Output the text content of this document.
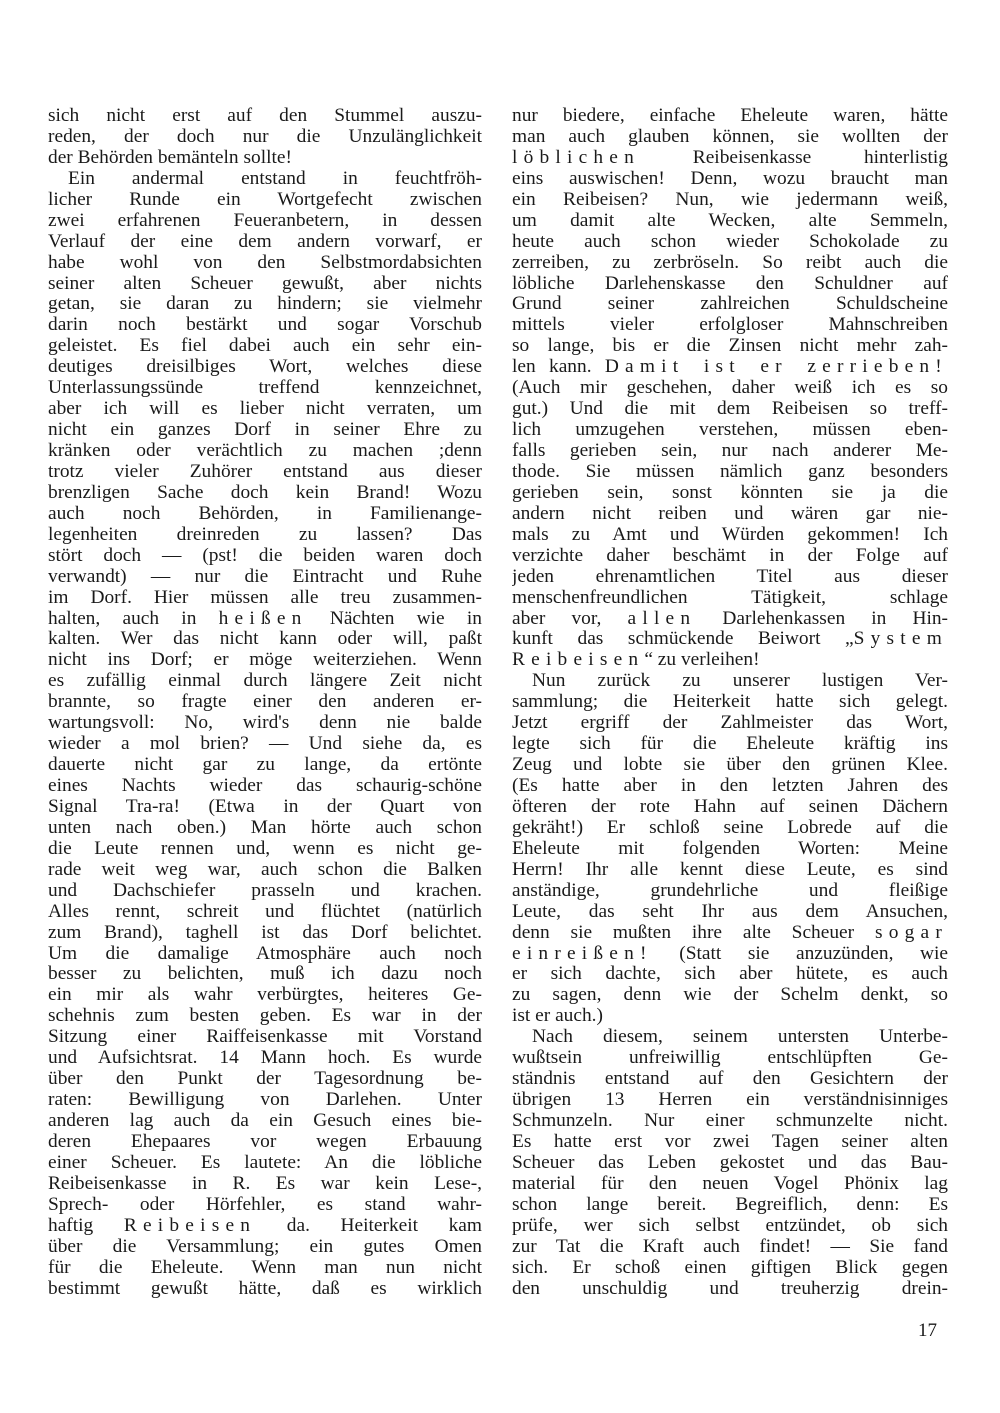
sich nicht erst auf den Stummel auszu-
reden, der doch nur die Unzulänglichkeit
der Behörden bemänteln sollte!
Ein andermal entstand in feuchtfröh-
licher Runde ein Wortgefecht zwischen
zwei erfahrenen Feueranbetern, in dessen
Verlauf der eine dem andern vorwarf, er
habe wohl von den Selbstmordabsichten
seiner alten Scheuer gewußt, aber nichts
getan, sie daran zu hindern; sie vielmehr
darin noch bestärkt und sogar Vorschub
geleistet. Es fiel dabei auch ein sehr ein-
deutiges dreisilbiges Wort, welches diese
Unterlassungssünde treffend kennzeichnet,
aber ich will es lieber nicht verraten, um
nicht ein ganzes Dorf in seiner Ehre zu
kränken oder verächtlich zu machen ;denn
trotz vieler Zuhörer entstand aus dieser
brenzligen Sache doch kein Brand! Wozu
auch noch Behörden, in Familienange-
legenheiten dreinreden zu lassen? Das
stört doch — (pst! die beiden waren doch
verwandt) — nur die Eintracht und Ruhe
im Dorf. Hier müssen alle treu zusammen-
halten, auch in heißen Nächten wie in
kalten. Wer das nicht kann oder will, paßt
nicht ins Dorf; er möge weiterziehen. Wenn
es zufällig einmal durch längere Zeit nicht
brannte, so fragte einer den anderen er-
wartungsvoll: No, wird's denn nie balde
wieder a mol brien? — Und siehe da, es
dauerte nicht gar zu lange, da ertönte
eines Nachts wieder das schaurig-schöne
Signal Tra-ra! (Etwa in der Quart von
unten nach oben.) Man hörte auch schon
die Leute rennen und, wenn es nicht ge-
rade weit weg war, auch schon die Balken
und Dachschiefer prasseln und krachen.
Alles rennt, schreit und flüchtet (natürlich
zum Brand), taghell ist das Dorf belichtet.
Um die damalige Atmosphäre auch noch
besser zu belichten, muß ich dazu noch
ein mir als wahr verbürgtes, heiteres Ge-
schehnis zum besten geben. Es war in der
Sitzung einer Raiffeisenkasse mit Vorstand
und Aufsichtsrat. 14 Mann hoch. Es wurde
über den Punkt der Tagesordnung be-
raten: Bewilligung von Darlehen. Unter
anderen lag auch da ein Gesuch eines bie-
deren Ehepaares vor wegen Erbauung
einer Scheuer. Es lautete: An die löbliche
Reibeisenkasse in R. Es war kein Lese-,
Sprech- oder Hörfehler, es stand wahr-
haftig Reibeisen da. Heiterkeit kam
über die Versammlung; ein gutes Omen
für die Eheleute. Wenn man nun nicht
bestimmt gewußt hätte, daß es wirklich
nur biedere, einfache Eheleute waren, hätte
man auch glauben können, sie wollten der
löblichen Reibeisenkasse hinterlistig
eins auswischen! Denn, wozu braucht man
ein Reibeisen? Nun, wie jedermann weiß,
um damit alte Wecken, alte Semmeln,
heute auch schon wieder Schokolade zu
zerreiben, zu zerbröseln. So reibt auch die
löbliche Darlehenskasse den Schuldner auf
Grund seiner zahlreichen Schuldscheine
mittels vieler erfolgloser Mahnschreiben
so lange, bis er die Zinsen nicht mehr zah-
len kann. Damit ist er zerrieben!
(Auch mir geschehen, daher weiß ich es so
gut.) Und die mit dem Reibeisen so treff-
lich umzugehen verstehen, müssen eben-
falls gerieben sein, nur nach anderer Me-
thode. Sie müssen nämlich ganz besonders
gerieben sein, sonst könnten sie ja die
andern nicht reiben und wären gar nie-
mals zu Amt und Würden gekommen! Ich
verzichte daher beschämt in der Folge auf
jeden ehrenamtlichen Titel aus dieser
menschenfreundlichen Tätigkeit, schlage
aber vor, allen Darlehenkassen in Hin-
kunft das schmückende Beiwort „System
Reibeisen“ zu verleihen!
Nun zurück zu unserer lustigen Ver-
sammlung; die Heiterkeit hatte sich gelegt.
Jetzt ergriff der Zahlmeister das Wort,
legte sich für die Eheleute kräftig ins
Zeug und lobte sie über den grünen Klee.
(Es hatte aber in den letzten Jahren des
öfteren der rote Hahn auf seinen Dächern
gekräht!) Er schloß seine Lobrede auf die
Eheleute mit folgenden Worten: Meine
Herrn! Ihr alle kennt diese Leute, es sind
anständige, grundehrliche und fleißige
Leute, das seht Ihr aus dem Ansuchen,
denn sie mußten ihre alte Scheuer sogar
einreißen! (Statt sie anzuzünden, wie
er sich dachte, sich aber hütete, es auch
zu sagen, denn wie der Schelm denkt, so
ist er auch.)
Nach diesem, seinem untersten Unterbe-
wußtsein unfreiwillig entschlüpften Ge-
ständnis entstand auf den Gesichtern der
übrigen 13 Herren ein verständnisinniges
Schmunzeln. Nur einer schmunzelte nicht.
Es hatte erst vor zwei Tagen seiner alten
Scheuer das Leben gekostet und das Bau-
material für den neuen Vogel Phönix lag
schon lange bereit. Begreiflich, denn: Es
prüfe, wer sich selbst entzündet, ob sich
zur Tat die Kraft auch findet! — Sie fand
sich. Er schoß einen giftigen Blick gegen
den unschuldig und treuherzig drein-
17
